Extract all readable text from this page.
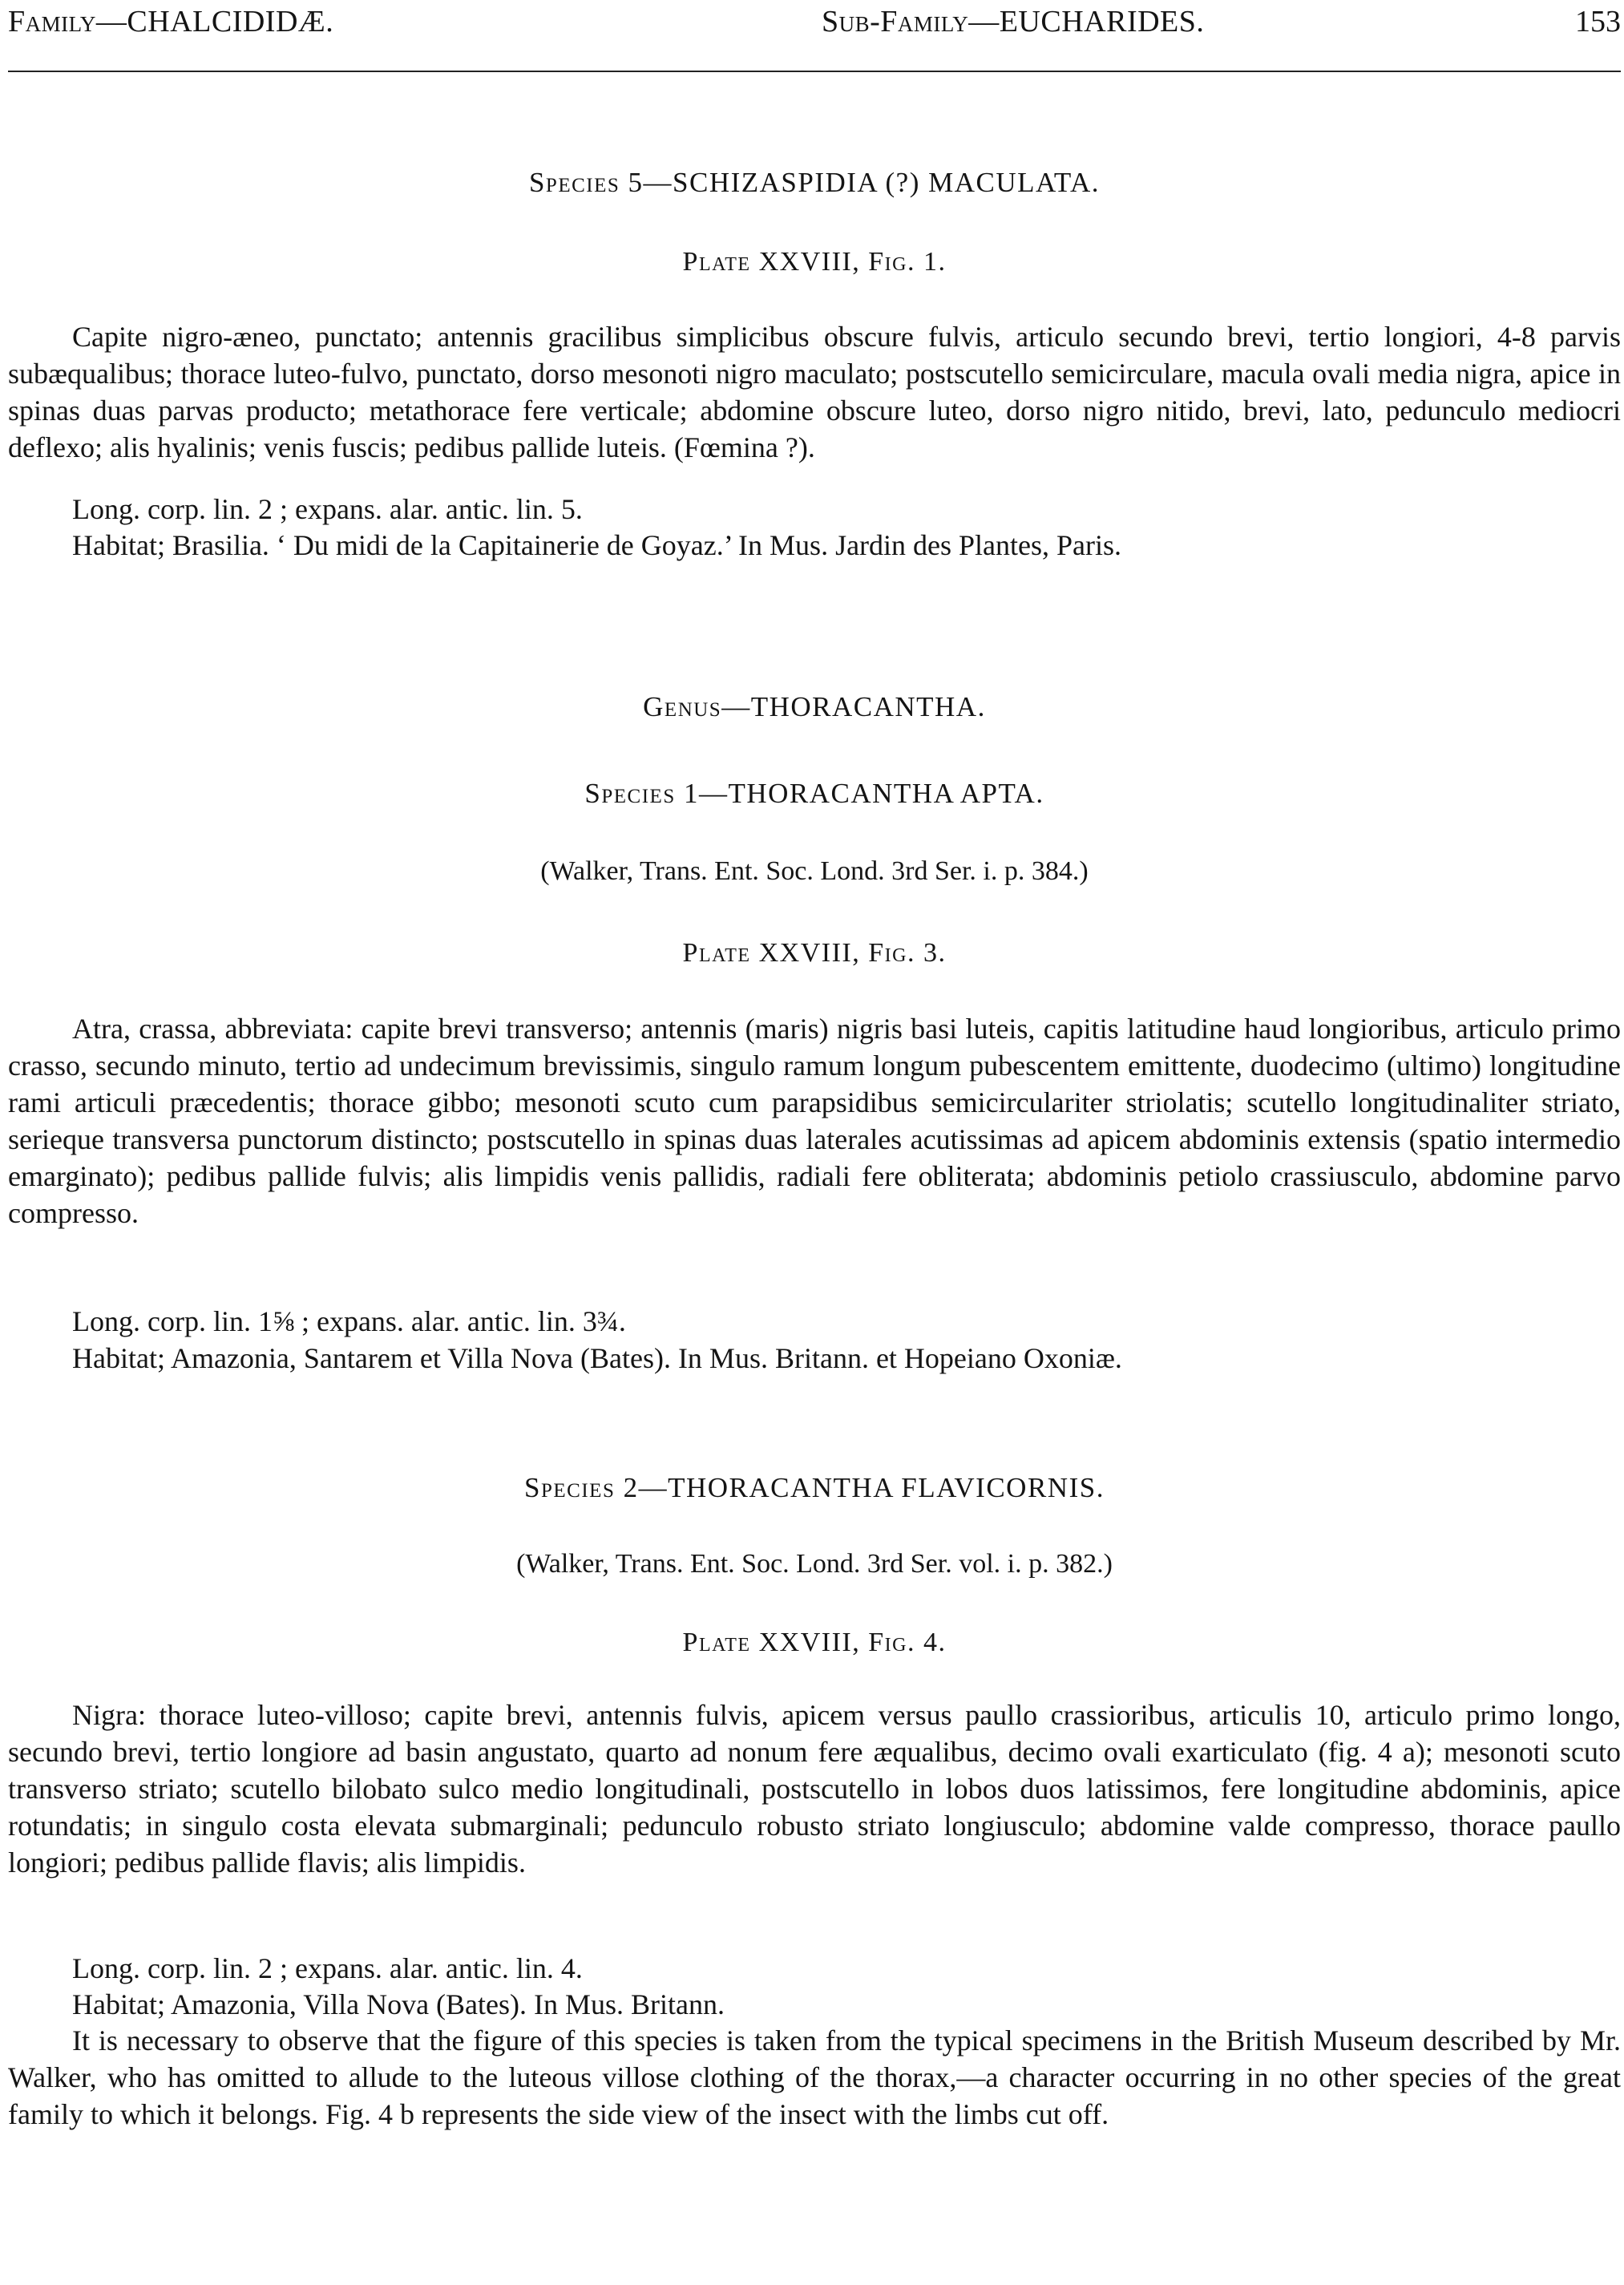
Family—CHALCIDIDÆ.	Sub-Family—EUCHARIDES.	153
Species 5—SCHIZASPIDIA (?) MACULATA.
Plate XXVIII, Fig. 1.
Capite nigro-æneo, punctato; antennis gracilibus simplicibus obscure fulvis, articulo secundo brevi, tertio longiori, 4-8 parvis subæqualibus; thorace luteo-fulvo, punctato, dorso mesonoti nigro maculato; postscutello semicirculare, macula ovali media nigra, apice in spinas duas parvas producto; metathorace fere verticale; abdomine obscure luteo, dorso nigro nitido, brevi, lato, pedunculo mediocri deflexo; alis hyalinis; venis fuscis; pedibus pallide luteis. (Fœmina ?).
Long. corp. lin. 2 ; expans. alar. antic. lin. 5.
Habitat; Brasilia. ‘ Du midi de la Capitainerie de Goyaz.’ In Mus. Jardin des Plantes, Paris.
Genus—THORACANTHA.
Species 1—THORACANTHA APTA.
(Walker, Trans. Ent. Soc. Lond. 3rd Ser. i. p. 384.)
Plate XXVIII, Fig. 3.
Atra, crassa, abbreviata: capite brevi transverso; antennis (maris) nigris basi luteis, capitis latitudine haud longioribus, articulo primo crasso, secundo minuto, tertio ad undecimum brevissimis, singulo ramum longum pubescentem emittente, duodecimo (ultimo) longitudine rami articuli præcedentis; thorace gibbo; mesonoti scuto cum parapsidibus semicirculariter striolatis; scutello longitudinaliter striato, serieque transversa punctorum distincto; postscutello in spinas duas laterales acutissimas ad apicem abdominis extensis (spatio intermedio emarginato); pedibus pallide fulvis; alis limpidis venis pallidis, radiali fere obliterata; abdominis petiolo crassiusculo, abdomine parvo compresso.
Long. corp. lin. 1⅝ ; expans. alar. antic. lin. 3¾.
Habitat; Amazonia, Santarem et Villa Nova (Bates). In Mus. Britann. et Hopeiano Oxoniæ.
Species 2—THORACANTHA FLAVICORNIS.
(Walker, Trans. Ent. Soc. Lond. 3rd Ser. vol. i. p. 382.)
Plate XXVIII, Fig. 4.
Nigra: thorace luteo-villoso; capite brevi, antennis fulvis, apicem versus paullo crassioribus, articulis 10, articulo primo longo, secundo brevi, tertio longiore ad basin angustato, quarto ad nonum fere æqualibus, decimo ovali exarticulato (fig. 4 a); mesonoti scuto transverso striato; scutello bilobato sulco medio longitudinali, postscutello in lobos duos latissimos, fere longitudine abdominis, apice rotundatis; in singulo costa elevata submarginali; pedunculo robusto striato longiusculo; abdomine valde compresso, thorace paullo longiori; pedibus pallide flavis; alis limpidis.
Long. corp. lin. 2 ; expans. alar. antic. lin. 4.
Habitat; Amazonia, Villa Nova (Bates). In Mus. Britann.
It is necessary to observe that the figure of this species is taken from the typical specimens in the British Museum described by Mr. Walker, who has omitted to allude to the luteous villose clothing of the thorax,—a character occurring in no other species of the great family to which it belongs. Fig. 4 b represents the side view of the insect with the limbs cut off.
